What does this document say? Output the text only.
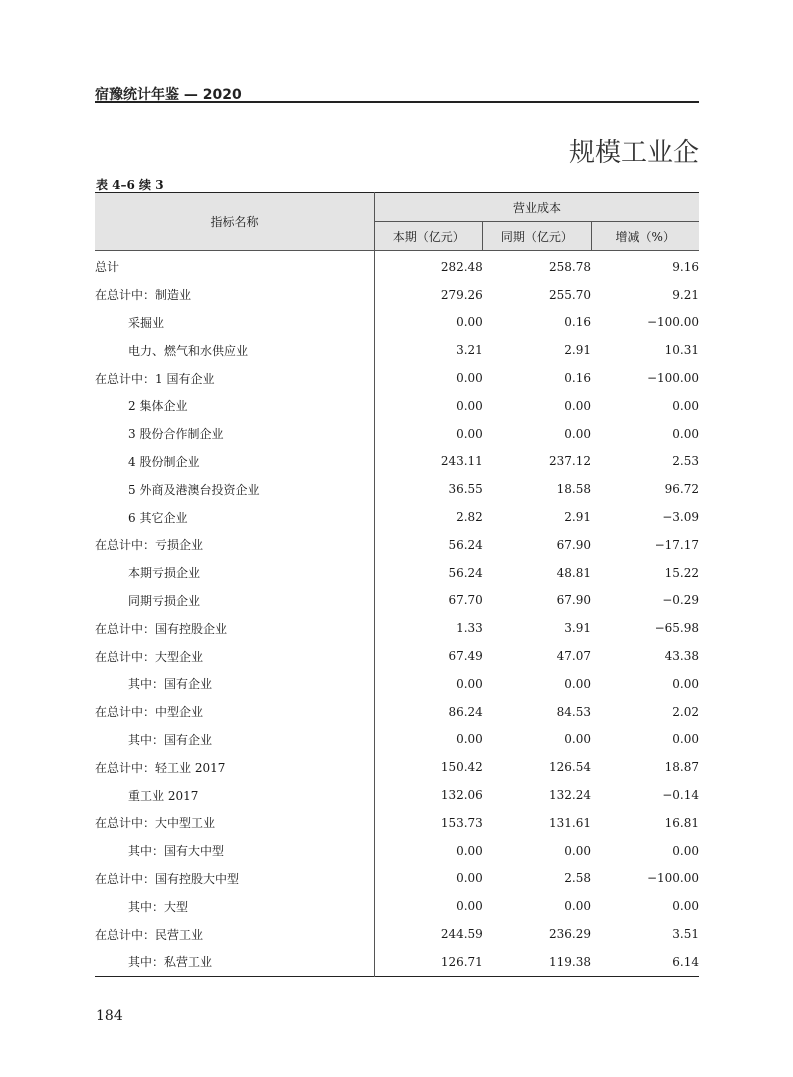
宿豫统计年鉴 — 2020
规模工业企
表 4–6 续 3
指标名称	营业成本		
	本期（亿元）	同期（亿元）	增减（%）
总计	282.48	258.78	9.16
在总计中：制造业	279.26	255.70	9.21
采掘业	0.00	0.16	−100.00
电力、燃气和水供应业	3.21	2.91	10.31
在总计中：1 国有企业	0.00	0.16	−100.00
2 集体企业	0.00	0.00	0.00
3 股份合作制企业	0.00	0.00	0.00
4 股份制企业	243.11	237.12	2.53
5 外商及港澳台投资企业	36.55	18.58	96.72
6 其它企业	2.82	2.91	−3.09
在总计中：亏损企业	56.24	67.90	−17.17
本期亏损企业	56.24	48.81	15.22
同期亏损企业	67.70	67.90	−0.29
在总计中：国有控股企业	1.33	3.91	−65.98
在总计中：大型企业	67.49	47.07	43.38
其中：国有企业	0.00	0.00	0.00
在总计中：中型企业	86.24	84.53	2.02
其中：国有企业	0.00	0.00	0.00
在总计中：轻工业 2017	150.42	126.54	18.87
重工业 2017	132.06	132.24	−0.14
在总计中：大中型工业	153.73	131.61	16.81
其中：国有大中型	0.00	0.00	0.00
在总计中：国有控股大中型	0.00	2.58	−100.00
其中：大型	0.00	0.00	0.00
在总计中：民营工业	244.59	236.29	3.51
其中：私营工业	126.71	119.38	6.14
184
